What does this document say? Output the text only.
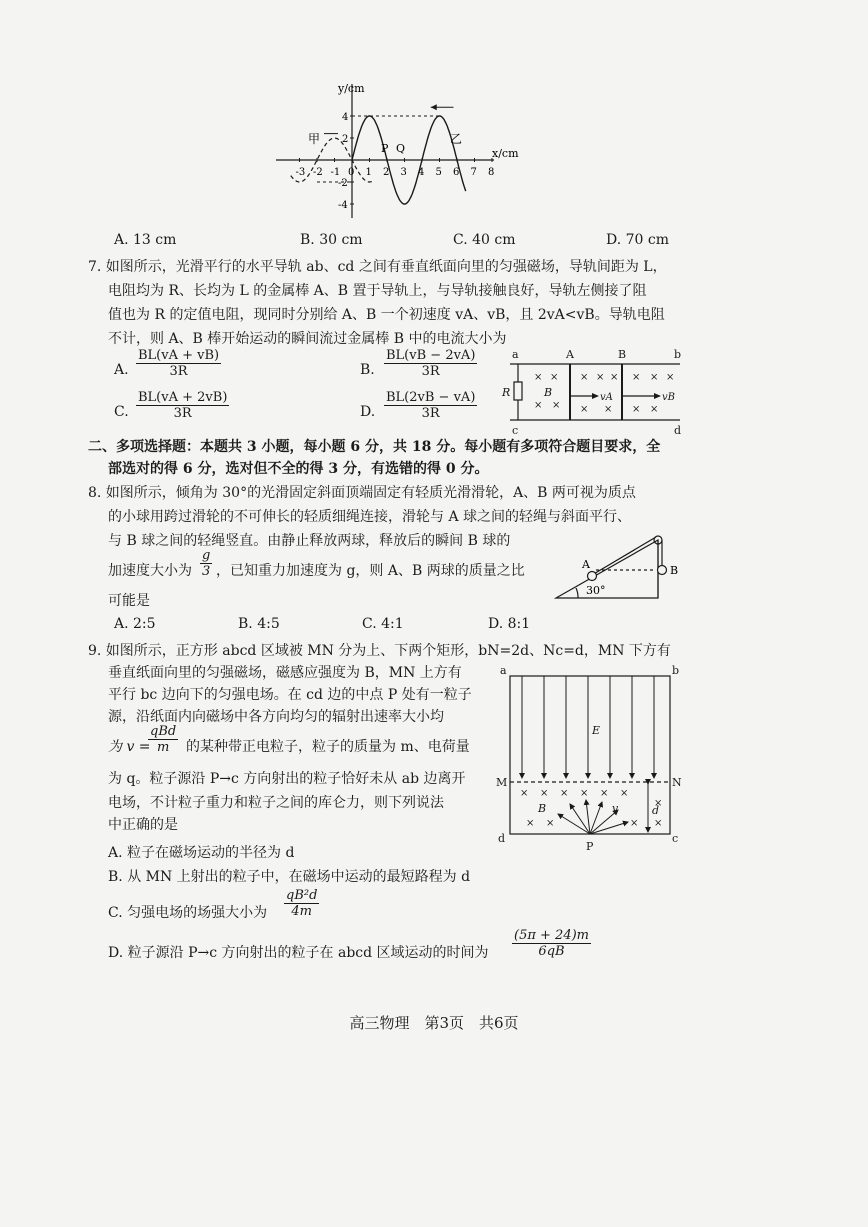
-3 -2 -1 0 1 2 3 4 5 6 7 8
4
2
-2
-4
y/cm
x/cm
甲	乙
P Q
A. 13 cm	B. 30 cm	C. 40 cm	D. 70 cm
7. 如图所示，光滑平行的水平导轨 ab、cd 之间有垂直纸面向里的匀强磁场，导轨间距为 L，
电阻均为 R、长均为 L 的金属棒 A、B 置于导轨上，与导轨接触良好，导轨左侧接了阻
值也为 R 的定值电阻，现同时分别给 A、B 一个初速度 vA、vB，且 2vA<vB。导轨电阻
不计，则 A、B 棒开始运动的瞬间流过金属棒 B 中的电流大小为
A. $\frac{BL(vA + vB)}{3R}$	B. $\frac{BL(vB - 2vA)}{3R}$
C. $\frac{BL(vA + 2vB)}{3R}$	D. $\frac{BL(2vB - vA)}{3R}$
× ×
× ×
× × ×
× ×
× × ×
× ×
a	A	B	b
c	d
R	B	vA	vB
二、多项选择题：本题共 3 小题，每小题 6 分，共 18 分。每小题有多项符合题目要求，全
部选对的得 6 分，选对但不全的得 3 分，有选错的得 0 分。
8. 如图所示，倾角为 30°的光滑固定斜面顶端固定有轻质光滑滑轮，A、B 两可视为质点
的小球用跨过滑轮的不可伸长的轻质细绳连接，滑轮与 A 球之间的轻绳与斜面平行、
与 B 球之间的轻绳竖直。由静止释放两球，释放后的瞬间 B 球的
加速度大小为 $\frac{g}{3}$ ，已知重力加速度为 g，则 A、B 两球的质量之比
可能是
A. 2:5	B. 4:5	C. 4:1	D. 8:1
A	B
30°
9. 如图所示，正方形 abcd 区域被 MN 分为上、下两个矩形，bN=2d、Nc=d，MN 下方有
垂直纸面向里的匀强磁场，磁感应强度为 B，MN 上方有
平行 bc 边向下的匀强电场。在 cd 边的中点 P 处有一粒子
源，沿纸面内向磁场中各方向均匀的辐射出速率大小均
为 v =
qBd
m	的某种带正电粒子，粒子的质量为 m、电荷量
为 q。粒子源沿 P→c 方向射出的粒子恰好未从 ab 边离开
电场，不计粒子重力和粒子之间的库仑力，则下列说法
中正确的是
A. 粒子在磁场运动的半径为 d
B. 从 MN 上射出的粒子中，在磁场中运动的最短路程为 d
C. 匀强电场的场强大小为 $\frac{\text{qB²d}}{4m}$
D. 粒子源沿 P→c 方向射出的粒子在 abcd 区域运动的时间为 $\frac{(5\pi + 24)m}{6qB}$
× × × × × ×
×
× ×	× ×
a	b
d	c
M	N
P
E
B	v	d
高三物理　第3页　共6页
